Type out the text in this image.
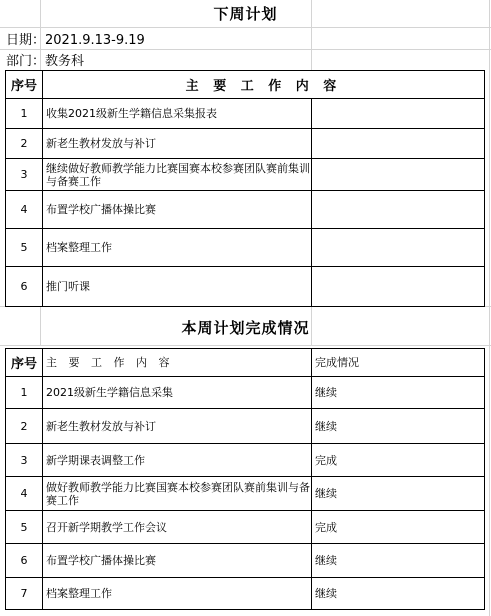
下周计划
日期：2021.9.13-9.19
部门：教务科
序号	主 要 工 作 内 容
1	收集2021级新生学籍信息采集报表
2	新老生教材发放与补订
3	继续做好教师教学能力比赛国赛本校参赛团队赛前集训与备赛工作
4	布置学校广播体操比赛
5	档案整理工作
6	推门听课
本周计划完成情况
序号 主 要 工 作 内 容	完成情况
1	2021级新生学籍信息采集	继续
2	新老生教材发放与补订	继续
3	新学期课表调整工作	完成
4	做好教师教学能力比赛国赛本校参赛团队赛前集训与备赛工作	继续
5	召开新学期教学工作会议	完成
6	布置学校广播体操比赛	继续
7	档案整理工作	继续
